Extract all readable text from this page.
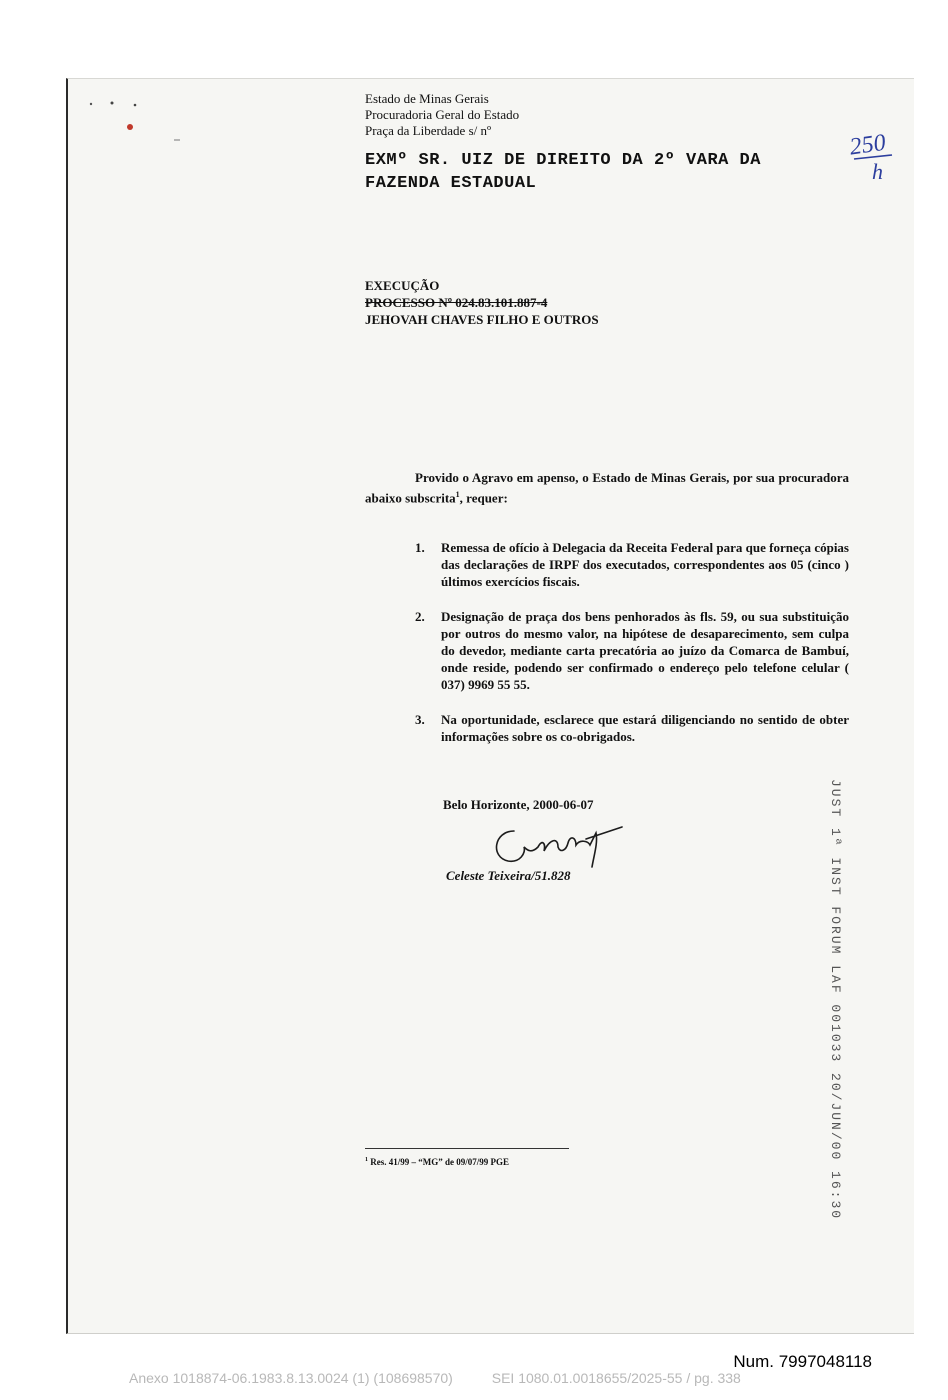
Estado de Minas Gerais
Procuradoria Geral do Estado
Praça da Liberdade s/ nº
EXMº SR. UIZ DE DIREITO DA 2º VARA DA
FAZENDA ESTADUAL
250
h
EXECUÇÃO
PROCESSO Nº 024.83.101.887-4
JEHOVAH CHAVES FILHO E OUTROS
Provido o Agravo em apenso, o Estado de Minas Gerais, por sua procuradora abaixo subscrita$^1$, requer:
1.	Remessa de ofício à Delegacia da Receita Federal para que forneça cópias das declarações de IRPF dos executados, correspondentes aos 05 (cinco ) últimos exercícios fiscais.
2.	Designação de praça dos bens penhorados às fls. 59, ou sua substituição por outros do mesmo valor, na hipótese de desaparecimento, sem culpa do devedor, mediante carta precatória ao juízo da Comarca de Bambuí, onde reside, podendo ser confirmado o endereço pelo telefone celular ( 037) 9969 55 55.
3.	Na oportunidade, esclarece que estará diligenciando no sentido de obter informações sobre os co-obrigados.
Belo Horizonte, 2000-06-07
Celeste Teixeira/51.828
$^1$ Res. 41/99 – “MG” de 09/07/99 PGE	JUST 1ª INST FORUM LAF 001033 20/JUN/00 16:30
Num. 7997048118
Anexo 1018874-06.1983.8.13.0024 (1) (108698570)	SEI 1080.01.0018655/2025-55 / pg. 338
